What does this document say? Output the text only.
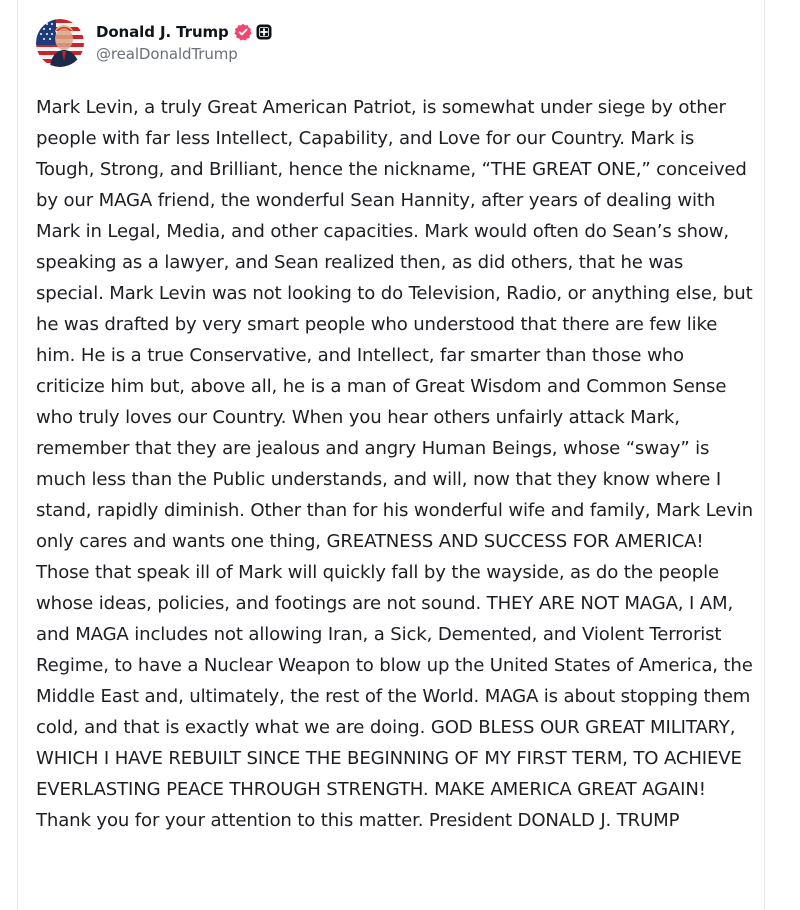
Donald J. Trump
@realDonaldTrump
Mark Levin, a truly Great American Patriot, is somewhat under siege by other people with far less Intellect, Capability, and Love for our Country. Mark is Tough, Strong, and Brilliant, hence the nickname, “THE GREAT ONE,” conceived by our MAGA friend, the wonderful Sean Hannity, after years of dealing with Mark in Legal, Media, and other capacities. Mark would often do Sean’s show, speaking as a lawyer, and Sean realized then, as did others, that he was special. Mark Levin was not looking to do Television, Radio, or anything else, but he was drafted by very smart people who understood that there are few like him. He is a true Conservative, and Intellect, far smarter than those who criticize him but, above all, he is a man of Great Wisdom and Common Sense who truly loves our Country. When you hear others unfairly attack Mark, remember that they are jealous and angry Human Beings, whose “sway” is much less than the Public understands, and will, now that they know where I stand, rapidly diminish. Other than for his wonderful wife and family, Mark Levin only cares and wants one thing, GREATNESS AND SUCCESS FOR AMERICA! Those that speak ill of Mark will quickly fall by the wayside, as do the people whose ideas, policies, and footings are not sound. THEY ARE NOT MAGA, I AM, and MAGA includes not allowing Iran, a Sick, Demented, and Violent Terrorist Regime, to have a Nuclear Weapon to blow up the United States of America, the Middle East and, ultimately, the rest of the World. MAGA is about stopping them cold, and that is exactly what we are doing. GOD BLESS OUR GREAT MILITARY, WHICH I HAVE REBUILT SINCE THE BEGINNING OF MY FIRST TERM, TO ACHIEVE EVERLASTING PEACE THROUGH STRENGTH. MAKE AMERICA GREAT AGAIN! Thank you for your attention to this matter. President DONALD J. TRUMP
